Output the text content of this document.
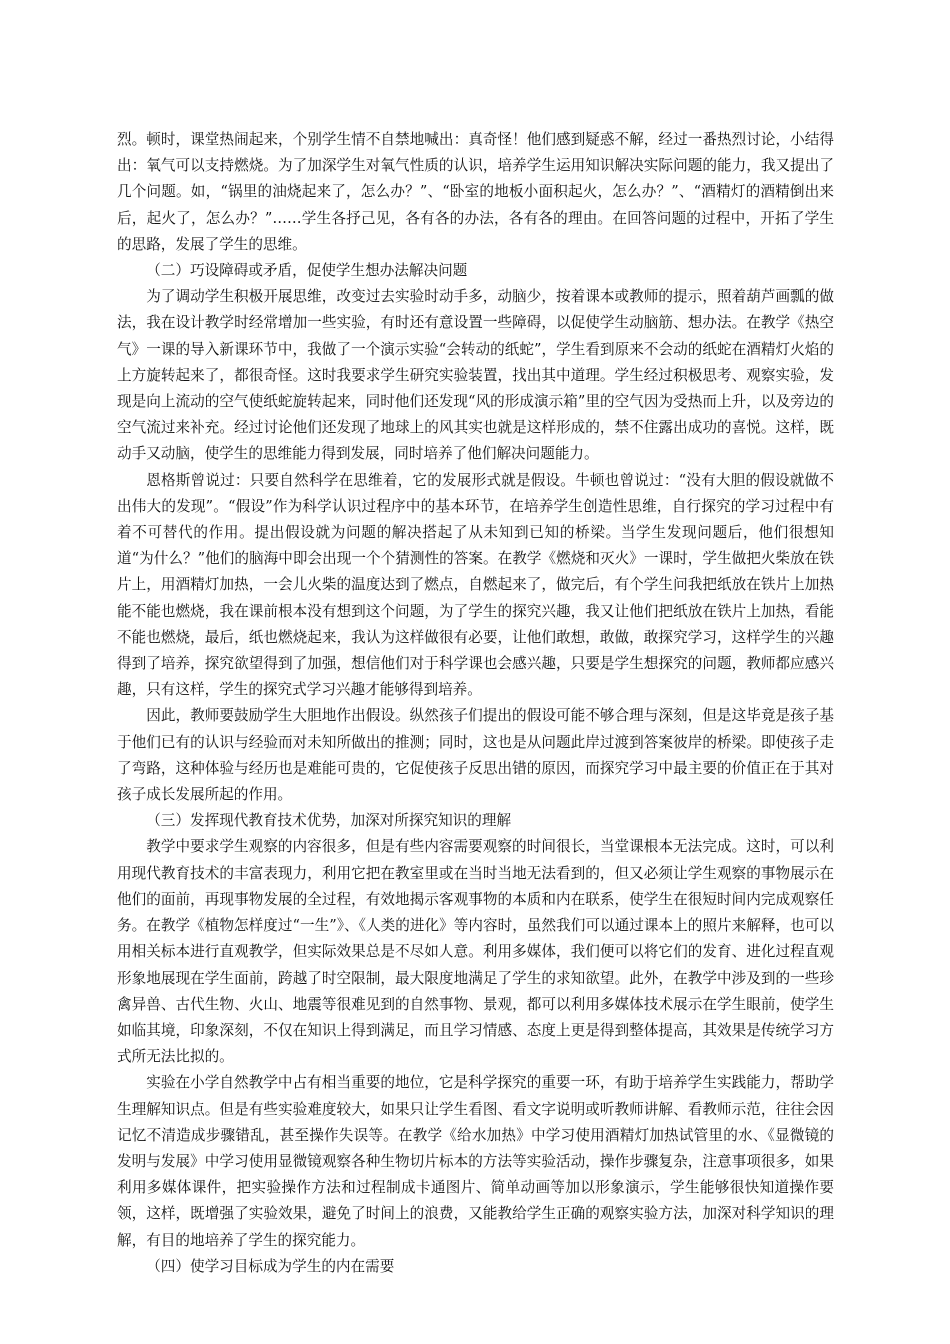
烈。顿时，课堂热闹起来，个别学生情不自禁地喊出：真奇怪！他们感到疑惑不解，经过一番热烈讨论，小结得出：氧气可以支持燃烧。为了加深学生对氧气性质的认识，培养学生运用知识解决实际问题的能力，我又提出了几个问题。如，“锅里的油烧起来了，怎么办？”、“卧室的地板小面积起火，怎么办？”、“酒精灯的酒精倒出来后，起火了，怎么办？”……学生各抒己见，各有各的办法，各有各的理由。在回答问题的过程中，开拓了学生的思路，发展了学生的思维。

（二）巧设障碍或矛盾，促使学生想办法解决问题

为了调动学生积极开展思维，改变过去实验时动手多，动脑少，按着课本或教师的提示，照着葫芦画瓢的做法，我在设计教学时经常增加一些实验，有时还有意设置一些障碍，以促使学生动脑筋、想办法。在教学《热空气》一课的导入新课环节中，我做了一个演示实验“会转动的纸蛇”，学生看到原来不会动的纸蛇在酒精灯火焰的上方旋转起来了，都很奇怪。这时我要求学生研究实验装置，找出其中道理。学生经过积极思考、观察实验，发现是向上流动的空气使纸蛇旋转起来，同时他们还发现“风的形成演示箱”里的空气因为受热而上升，以及旁边的空气流过来补充。经过讨论他们还发现了地球上的风其实也就是这样形成的，禁不住露出成功的喜悦。这样，既动手又动脑，使学生的思维能力得到发展，同时培养了他们解决问题能力。

恩格斯曾说过：只要自然科学在思维着，它的发展形式就是假设。牛顿也曾说过：“没有大胆的假设就做不出伟大的发现”。“假设”作为科学认识过程序中的基本环节，在培养学生创造性思维，自行探究的学习过程中有着不可替代的作用。提出假设就为问题的解决搭起了从未知到已知的桥梁。当学生发现问题后，他们很想知道“为什么？”他们的脑海中即会出现一个个猜测性的答案。在教学《燃烧和灭火》一课时，学生做把火柴放在铁片上，用酒精灯加热，一会儿火柴的温度达到了燃点，自燃起来了，做完后，有个学生问我把纸放在铁片上加热能不能也燃烧，我在课前根本没有想到这个问题，为了学生的探究兴趣，我又让他们把纸放在铁片上加热，看能不能也燃烧，最后，纸也燃烧起来，我认为这样做很有必要，让他们敢想，敢做，敢探究学习，这样学生的兴趣得到了培养，探究欲望得到了加强，想信他们对于科学课也会感兴趣，只要是学生想探究的问题，教师都应感兴趣，只有这样，学生的探究式学习兴趣才能够得到培养。

因此，教师要鼓励学生大胆地作出假设。纵然孩子们提出的假设可能不够合理与深刻，但是这毕竟是孩子基于他们已有的认识与经验而对未知所做出的推测；同时，这也是从问题此岸过渡到答案彼岸的桥梁。即使孩子走了弯路，这种体验与经历也是难能可贵的，它促使孩子反思出错的原因，而探究学习中最主要的价值正在于其对孩子成长发展所起的作用。

（三）发挥现代教育技术优势，加深对所探究知识的理解

教学中要求学生观察的内容很多，但是有些内容需要观察的时间很长，当堂课根本无法完成。这时，可以利用现代教育技术的丰富表现力，利用它把在教室里或在当时当地无法看到的，但又必须让学生观察的事物展示在他们的面前，再现事物发展的全过程，有效地揭示客观事物的本质和内在联系，使学生在很短时间内完成观察任务。在教学《植物怎样度过“一生”》、《人类的进化》等内容时，虽然我们可以通过课本上的照片来解释，也可以用相关标本进行直观教学，但实际效果总是不尽如人意。利用多媒体，我们便可以将它们的发育、进化过程直观形象地展现在学生面前，跨越了时空限制，最大限度地满足了学生的求知欲望。此外，在教学中涉及到的一些珍禽异兽、古代生物、火山、地震等很难见到的自然事物、景观，都可以利用多媒体技术展示在学生眼前，使学生如临其境，印象深刻，不仅在知识上得到满足，而且学习情感、态度上更是得到整体提高，其效果是传统学习方式所无法比拟的。

实验在小学自然教学中占有相当重要的地位，它是科学探究的重要一环，有助于培养学生实践能力，帮助学生理解知识点。但是有些实验难度较大，如果只让学生看图、看文字说明或听教师讲解、看教师示范，往往会因记忆不清造成步骤错乱，甚至操作失误等。在教学《给水加热》中学习使用酒精灯加热试管里的水、《显微镜的发明与发展》中学习使用显微镜观察各种生物切片标本的方法等实验活动，操作步骤复杂，注意事项很多，如果利用多媒体课件，把实验操作方法和过程制成卡通图片、简单动画等加以形象演示，学生能够很快知道操作要领，这样，既增强了实验效果，避免了时间上的浪费，又能教给学生正确的观察实验方法，加深对科学知识的理解，有目的地培养了学生的探究能力。

（四）使学习目标成为学生的内在需要
